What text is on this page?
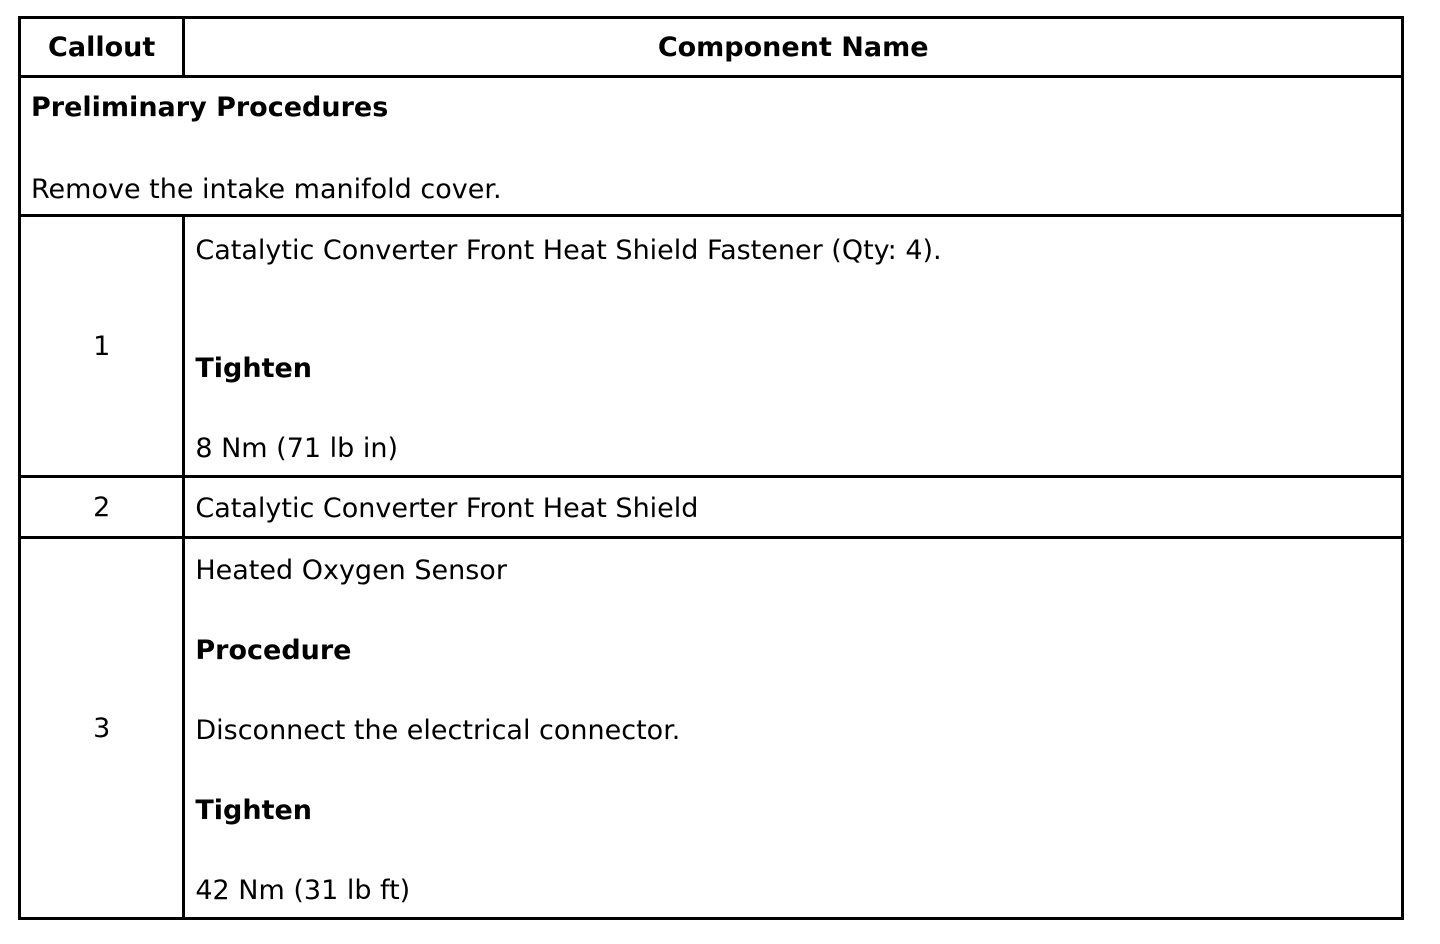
Callout	Component Name

Preliminary Procedures
Remove the intake manifold cover.	

1	Catalytic Converter Front Heat Shield Fastener (Qty: 4).
Tighten
8 Nm (71 lb in)

2	Catalytic Converter Front Heat Shield

3	Heated Oxygen Sensor
Procedure
Disconnect the electrical connector.
Tighten
42 Nm (31 lb ft)
